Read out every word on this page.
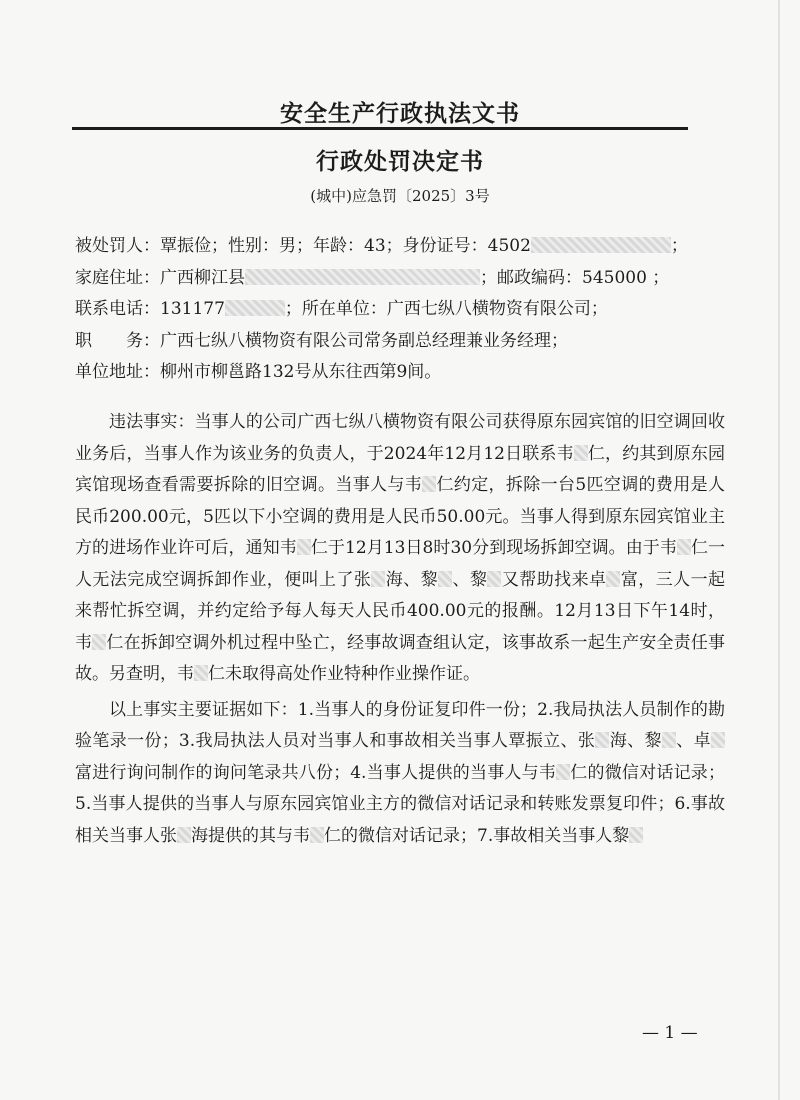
安全生产行政执法文书
行政处罚决定书
(城中)应急罚〔2025〕3号
被处罚人：覃振俭；性别：男；年龄：43；身份证号：4502	；
家庭住址：广西柳江县	；邮政编码：545000 ；
联系电话：131177	；所在单位：广西七纵八横物资有限公司；
职　　务：广西七纵八横物资有限公司常务副总经理兼业务经理；
单位地址：柳州市柳邕路132号从东往西第9间。

违法事实：当事人的公司广西七纵八横物资有限公司获得原东园宾馆的旧空调回收业务后，当事人作为该业务的负责人，于2024年12月12日联系韦 仁，约其到原东园宾馆现场查看需要拆除的旧空调。当事人与韦 仁约定，拆除一台5匹空调的费用是人民币200.00元，5匹以下小空调的费用是人民币50.00元。当事人得到原东园宾馆业主方的进场作业许可后，通知韦 仁于12月13日8时30分到现场拆卸空调。由于韦 仁一人无法完成空调拆卸作业，便叫上了张 海、黎 、黎 又帮助找来卓 富，三人一起来帮忙拆空调，并约定给予每人每天人民币400.00元的报酬。12月13日下午14时，韦 仁在拆卸空调外机过程中坠亡，经事故调查组认定，该事故系一起生产安全责任事故。另查明，韦 仁未取得高处作业特种作业操作证。

以上事实主要证据如下：1.当事人的身份证复印件一份；2.我局执法人员制作的勘验笔录一份；3.我局执法人员对当事人和事故相关当事人覃振立、张 海、黎 、卓富进行询问制作的询问笔录共八份；4.当事人提供的当事人与韦 仁的微信对话记录；5.当事人提供的当事人与原东园宾馆业主方的微信对话记录和转账发票复印件；6.事故相关当事人张 海提供的其与韦 仁的微信对话记录；7.事故相关当事人黎

— 1 —
